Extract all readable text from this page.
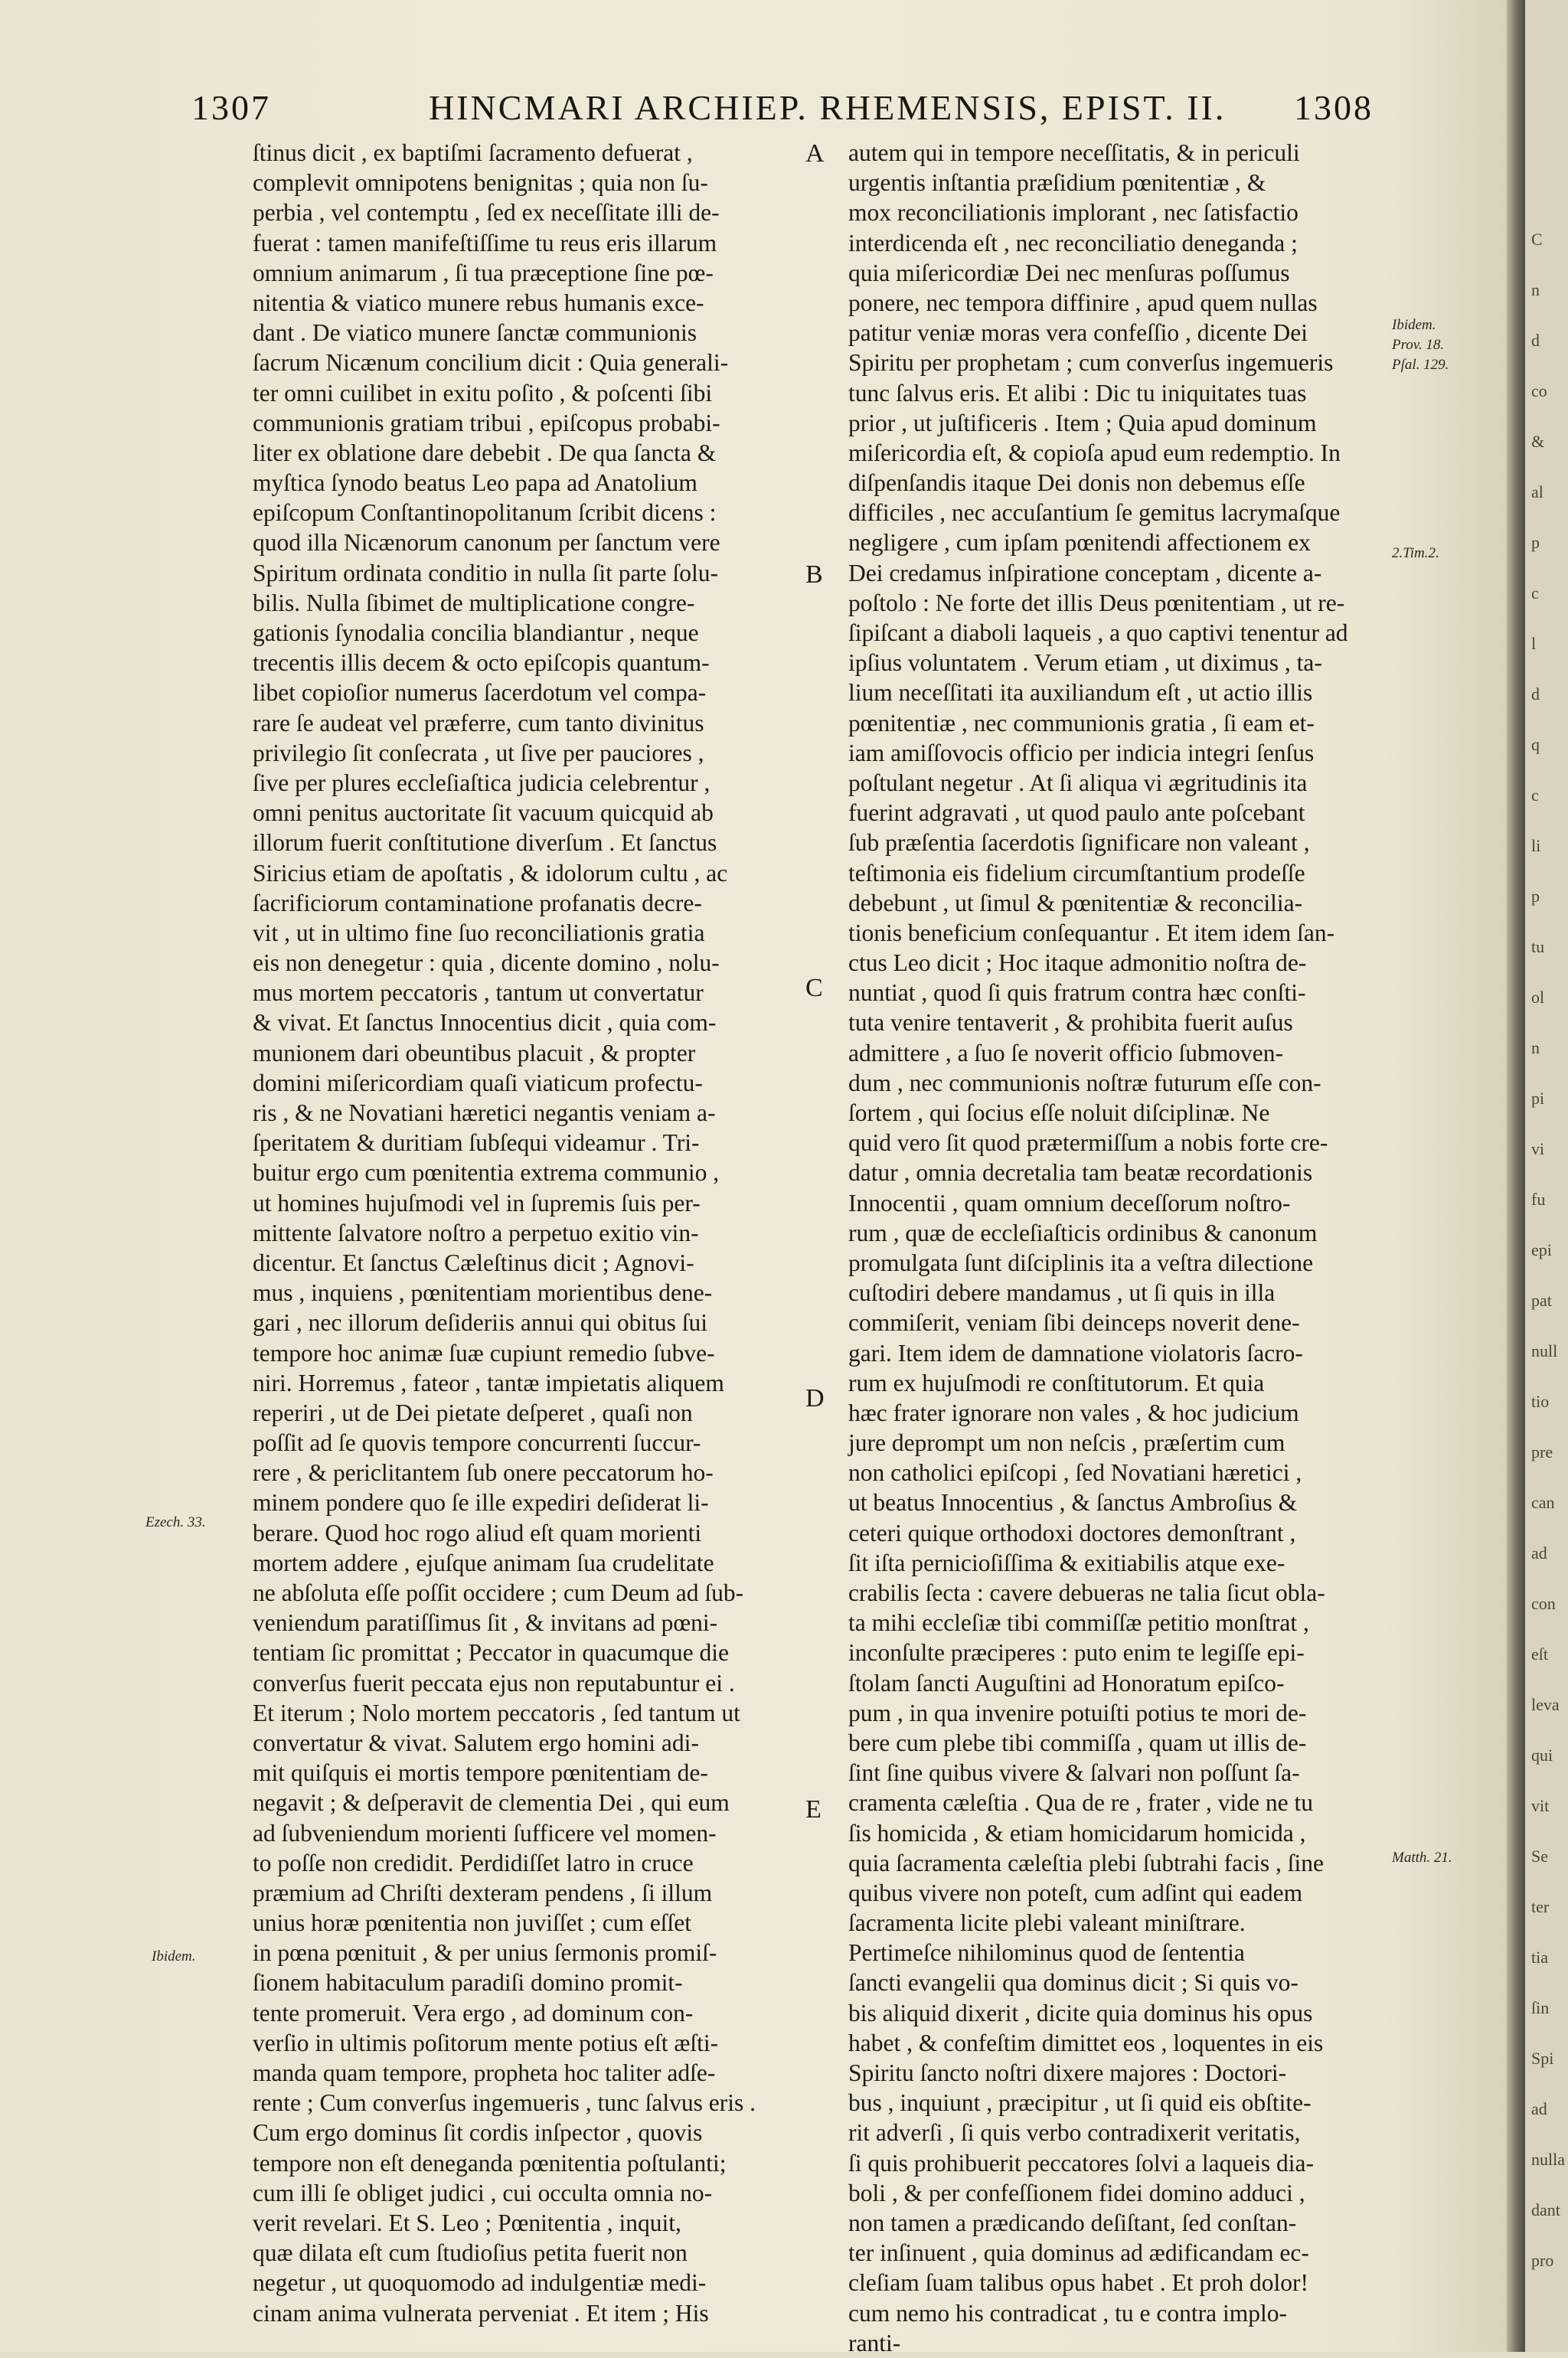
1307	HINCMARI ARCHIEP. RHEMENSIS, EPIST. II. 1308
ſtinus dicit , ex baptiſmi ſacramento defuerat ,
complevit omnipotens benignitas ; quia non ſu-
perbia , vel contemptu , ſed ex neceſſitate illi de-
fuerat : tamen manifeſtiſſime tu reus eris illarum
omnium animarum , ſi tua præceptione ſine pœ-
nitentia & viatico munere rebus humanis exce-
dant . De viatico munere ſanctæ communionis
ſacrum Nicænum concilium dicit : Quia generali-
ter omni cuilibet in exitu poſito , & poſcenti ſibi
communionis gratiam tribui , epiſcopus probabi-
liter ex oblatione dare debebit . De qua ſancta &
myſtica ſynodo beatus Leo papa ad Anatolium
epiſcopum Conſtantinopolitanum ſcribit dicens :
quod illa Nicænorum canonum per ſanctum vere
Spiritum ordinata conditio in nulla ſit parte ſolu-
bilis. Nulla ſibimet de multiplicatione congre-
gationis ſynodalia concilia blandiantur , neque
trecentis illis decem & octo epiſcopis quantum-
libet copioſior numerus ſacerdotum vel compa-
rare ſe audeat vel præferre, cum tanto divinitus
privilegio ſit conſecrata , ut ſive per pauciores ,
ſive per plures eccleſiaſtica judicia celebrentur ,
omni penitus auctoritate ſit vacuum quicquid ab
illorum fuerit conſtitutione diverſum . Et ſanctus
Siricius etiam de apoſtatis , & idolorum cultu , ac
ſacrificiorum contaminatione profanatis decre-
vit , ut in ultimo fine ſuo reconciliationis gratia
eis non denegetur : quia , dicente domino , nolu-
mus mortem peccatoris , tantum ut convertatur
& vivat. Et ſanctus Innocentius dicit , quia com-
munionem dari obeuntibus placuit , & propter
domini miſericordiam quaſi viaticum profectu-
ris , & ne Novatiani hæretici negantis veniam a-
ſperitatem & duritiam ſubſequi videamur . Tri-
buitur ergo cum pœnitentia extrema communio ,
ut homines hujuſmodi vel in ſupremis ſuis per-
mittente ſalvatore noſtro a perpetuo exitio vin-
dicentur. Et ſanctus Cæleſtinus dicit ; Agnovi-
mus , inquiens , pœnitentiam morientibus dene-
gari , nec illorum deſideriis annui qui obitus ſui
tempore hoc animæ ſuæ cupiunt remedio ſubve-
niri. Horremus , fateor , tantæ impietatis aliquem
reperiri , ut de Dei pietate deſperet , quaſi non
poſſit ad ſe quovis tempore concurrenti ſuccur-
rere , & periclitantem ſub onere peccatorum ho-
minem pondere quo ſe ille expediri deſiderat li-
berare. Quod hoc rogo aliud eſt quam morienti
mortem addere , ejuſque animam ſua crudelitate
ne abſoluta eſſe poſſit occidere ; cum Deum ad ſub-
veniendum paratiſſimus ſit , & invitans ad pœni-
tentiam ſic promittat ; Peccator in quacumque die
converſus fuerit peccata ejus non reputabuntur ei .
Et iterum ; Nolo mortem peccatoris , ſed tantum ut
convertatur & vivat. Salutem ergo homini adi-
mit quiſquis ei mortis tempore pœnitentiam de-
negavit ; & deſperavit de clementia Dei , qui eum
ad ſubveniendum morienti ſufficere vel momen-
to poſſe non credidit. Perdidiſſet latro in cruce
præmium ad Chriſti dexteram pendens , ſi illum
unius horæ pœnitentia non juviſſet ; cum eſſet
in pœna pœnituit , & per unius ſermonis promiſ-
ſionem habitaculum paradiſi domino promit-
tente promeruit. Vera ergo , ad dominum con-
verſio in ultimis poſitorum mente potius eſt æſti-
manda quam tempore, propheta hoc taliter adſe-
rente ; Cum converſus ingemueris , tunc ſalvus eris .
Cum ergo dominus ſit cordis inſpector , quovis
tempore non eſt deneganda pœnitentia poſtulanti;
cum illi ſe obliget judici , cui occulta omnia no-
verit revelari. Et S. Leo ; Pœnitentia , inquit,
quæ dilata eſt cum ſtudioſius petita fuerit non
negetur , ut quoquomodo ad indulgentiæ medi-
cinam anima vulnerata perveniat . Et item ; His
autem qui in tempore neceſſitatis, & in periculi
urgentis inſtantia præſidium pœnitentiæ , &
mox reconciliationis implorant , nec ſatisfactio
interdicenda eſt , nec reconciliatio deneganda ;
quia miſericordiæ Dei nec menſuras poſſumus
ponere, nec tempora diffinire , apud quem nullas
patitur veniæ moras vera confeſſio , dicente Dei
Spiritu per prophetam ; cum converſus ingemueris
tunc ſalvus eris. Et alibi : Dic tu iniquitates tuas
prior , ut juſtificeris . Item ; Quia apud dominum
miſericordia eſt, & copioſa apud eum redemptio. In
diſpenſandis itaque Dei donis non debemus eſſe
difficiles , nec accuſantium ſe gemitus lacrymaſque
negligere , cum ipſam pœnitendi affectionem ex
Dei credamus inſpiratione conceptam , dicente a-
poſtolo : Ne forte det illis Deus pœnitentiam , ut re-
ſipiſcant a diaboli laqueis , a quo captivi tenentur ad
ipſius voluntatem . Verum etiam , ut diximus , ta-
lium neceſſitati ita auxiliandum eſt , ut actio illis
pœnitentiæ , nec communionis gratia , ſi eam et-
iam amiſſovocis officio per indicia integri ſenſus
poſtulant negetur . At ſi aliqua vi ægritudinis ita
fuerint adgravati , ut quod paulo ante poſcebant
ſub præſentia ſacerdotis ſignificare non valeant ,
teſtimonia eis fidelium circumſtantium prodeſſe
debebunt , ut ſimul & pœnitentiæ & reconcilia-
tionis beneficium conſequantur . Et item idem ſan-
ctus Leo dicit ; Hoc itaque admonitio noſtra de-
nuntiat , quod ſi quis fratrum contra hæc conſti-
tuta venire tentaverit , & prohibita fuerit auſus
admittere , a ſuo ſe noverit officio ſubmoven-
dum , nec communionis noſtræ futurum eſſe con-
ſortem , qui ſocius eſſe noluit diſciplinæ. Ne
quid vero ſit quod prætermiſſum a nobis forte cre-
datur , omnia decretalia tam beatæ recordationis
Innocentii , quam omnium deceſſorum noſtro-
rum , quæ de eccleſiaſticis ordinibus & canonum
promulgata ſunt diſciplinis ita a veſtra dilectione
cuſtodiri debere mandamus , ut ſi quis in illa
commiſerit, veniam ſibi deinceps noverit dene-
gari. Item idem de damnatione violatoris ſacro-
rum ex hujuſmodi re conſtitutorum. Et quia
hæc frater ignorare non vales , & hoc judicium
jure deprompt um non neſcis , præſertim cum
non catholici epiſcopi , ſed Novatiani hæretici ,
ut beatus Innocentius , & ſanctus Ambroſius &
ceteri quique orthodoxi doctores demonſtrant ,
ſit iſta pernicioſiſſima & exitiabilis atque exe-
crabilis ſecta : cavere debueras ne talia ſicut obla-
ta mihi eccleſiæ tibi commiſſæ petitio monſtrat ,
inconſulte præciperes : puto enim te legiſſe epi-
ſtolam ſancti Auguſtini ad Honoratum epiſco-
pum , in qua invenire potuiſti potius te mori de-
bere cum plebe tibi commiſſa , quam ut illis de-
ſint ſine quibus vivere & ſalvari non poſſunt ſa-
cramenta cæleſtia . Qua de re , frater , vide ne tu
ſis homicida , & etiam homicidarum homicida ,
quia ſacramenta cæleſtia plebi ſubtrahi facis , ſine
quibus vivere non poteſt, cum adſint qui eadem
ſacramenta licite plebi valeant miniſtrare.
Pertimeſce nihilominus quod de ſententia
ſancti evangelii qua dominus dicit ; Si quis vo-
bis aliquid dixerit , dicite quia dominus his opus
habet , & confeſtim dimittet eos , loquentes in eis
Spiritu ſancto noſtri dixere majores : Doctori-
bus , inquiunt , præcipitur , ut ſi quid eis obſtite-
rit adverſi , ſi quis verbo contradixerit veritatis,
ſi quis prohibuerit peccatores ſolvi a laqueis dia-
boli , & per confeſſionem fidei domino adduci ,
non tamen a prædicando deſiſtant, ſed conſtan-
ter inſinuent , quia dominus ad ædificandam ec-
cleſiam ſuam talibus opus habet . Et proh dolor!
cum nemo his contradicat , tu e contra implo-
ranti-
A
B
C
D
E
Ezech. 33.
Ibidem.
Ibidem.
Prov. 18.
Pſal. 129.
2.Tim.2.
Matth. 21.
C
n
d
co
&
al
p
c
l
d
q
c
li
p
tu
ol
n
pi
vi
fu
epi
pat
null
tio
pre
can
ad
con
eſt
leva
qui
vit
Se
ter
tia
ſin
Spi
ad
nulla
dant
pro
